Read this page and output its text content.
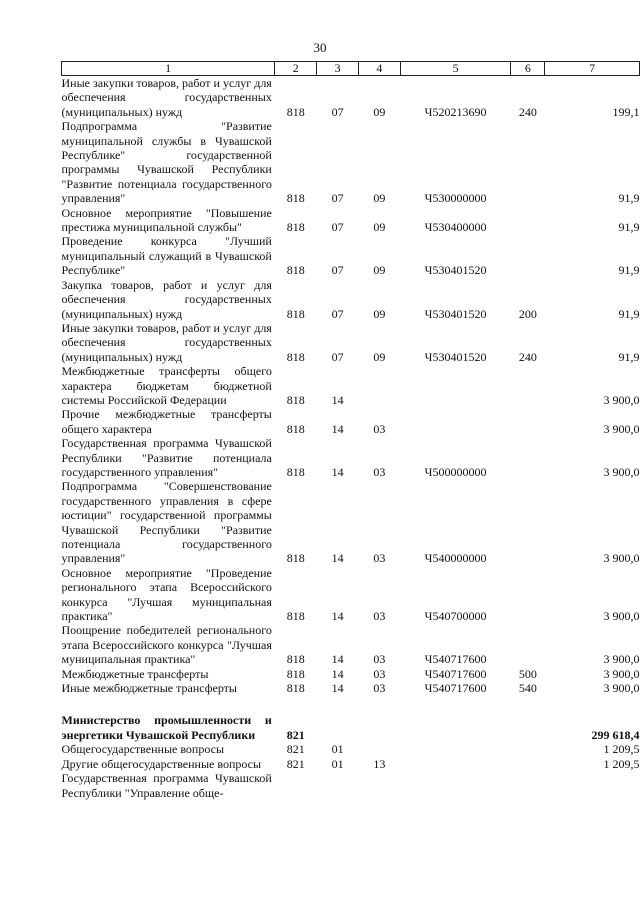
30
1	2	3	4	5	6	7
Иные закупки товаров, работ и услуг для обеспечения государственных (муниципальных) нужд	818	07	09	Ч520213690	240	199,1
Подпрограмма "Развитие муниципальной службы в Чувашской Республике" государственной программы Чувашской Республики "Развитие потенциала государственного управления"	818	07	09	Ч530000000		91,9
Основное мероприятие "Повышение престижа муниципальной службы"	818	07	09	Ч530400000		91,9
Проведение конкурса "Лучший муниципальный служащий в Чувашской Республике"	818	07	09	Ч530401520		91,9
Закупка товаров, работ и услуг для обеспечения государственных (муниципальных) нужд	818	07	09	Ч530401520	200	91,9
Иные закупки товаров, работ и услуг для обеспечения государственных (муниципальных) нужд	818	07	09	Ч530401520	240	91,9
Межбюджетные трансферты общего характера бюджетам бюджетной системы Российской Федерации	818	14				3 900,0
Прочие межбюджетные трансферты общего характера	818	14	03			3 900,0
Государственная программа Чувашской Республики "Развитие потенциала государственного управления"	818	14	03	Ч500000000		3 900,0
Подпрограмма "Совершенствование государственного управления в сфере юстиции" государственной программы Чувашской Республики "Развитие потенциала государственного управления"	818	14	03	Ч540000000		3 900,0
Основное мероприятие "Проведение регионального этапа Всероссийского конкурса "Лучшая муниципальная практика"	818	14	03	Ч540700000		3 900,0
Поощрение победителей регионального этапа Всероссийского конкурса "Лучшая муниципальная практика"	818	14	03	Ч540717600		3 900,0
Межбюджетные трансферты	818	14	03	Ч540717600	500	3 900,0
Иные межбюджетные трансферты	818	14	03	Ч540717600	540	3 900,0

Министерство промышленности и энергетики Чувашской Республики	821					299 618,4
Общегосударственные вопросы	821	01				1 209,5
Другие общегосударственные вопросы	821	01	13			1 209,5
Государственная программа Чувашской Республики "Управление обще-						
